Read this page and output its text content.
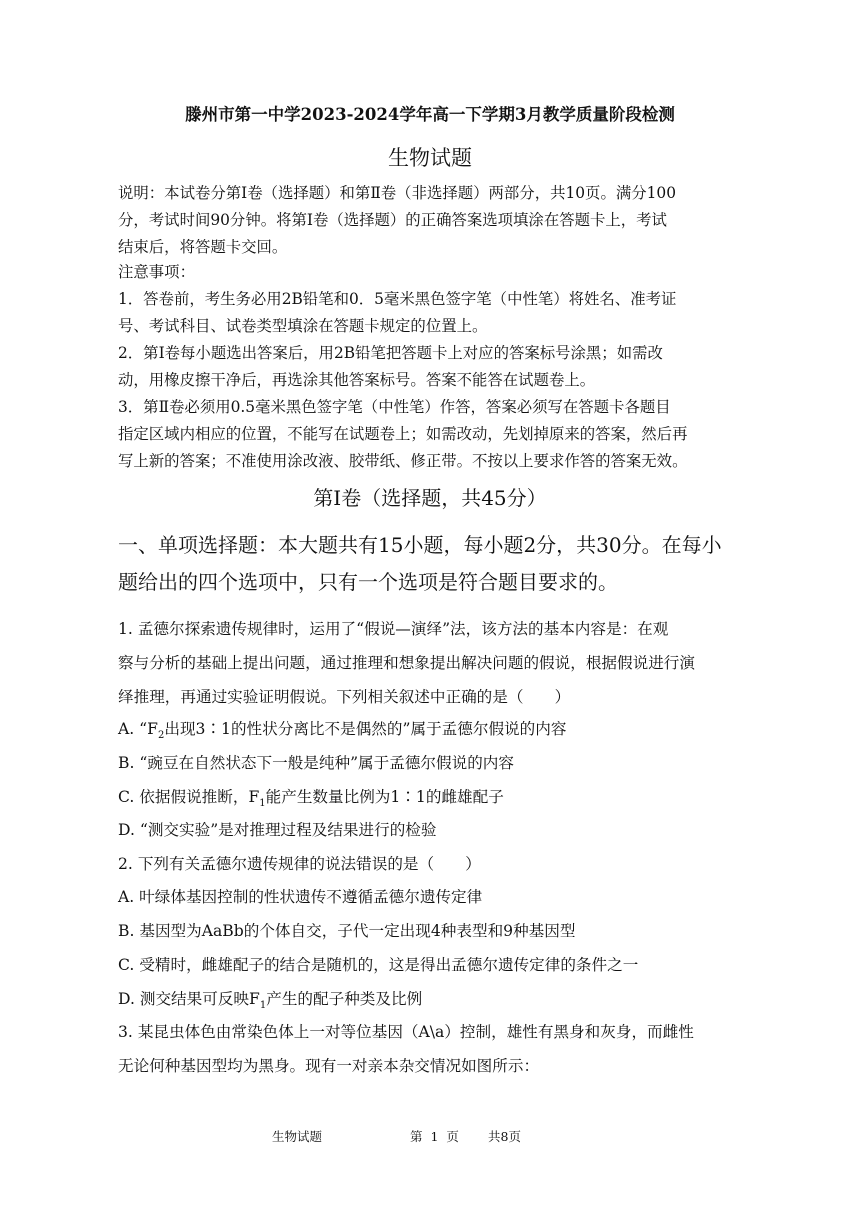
滕州市第一中学2023-2024学年高一下学期3月教学质量阶段检测
生物试题
说明：本试卷分第Ⅰ卷（选择题）和第Ⅱ卷（非选择题）两部分，共10页。满分100
分，考试时间90分钟。将第Ⅰ卷（选择题）的正确答案选项填涂在答题卡上，考试
结束后，将答题卡交回。
注意事项：
1．答卷前，考生务必用2B铅笔和0．5毫米黑色签字笔（中性笔）将姓名、准考证
号、考试科目、试卷类型填涂在答题卡规定的位置上。
2．第Ⅰ卷每小题选出答案后，用2B铅笔把答题卡上对应的答案标号涂黑；如需改
动，用橡皮擦干净后，再选涂其他答案标号。答案不能答在试题卷上。
3．第Ⅱ卷必须用0.5毫米黑色签字笔（中性笔）作答，答案必须写在答题卡各题目
指定区域内相应的位置，不能写在试题卷上；如需改动，先划掉原来的答案，然后再
写上新的答案；不准使用涂改液、胶带纸、修正带。不按以上要求作答的答案无效。
第Ⅰ卷（选择题，共45分）
一、单项选择题：本大题共有15小题，每小题2分，共30分。在每小
题给出的四个选项中，只有一个选项是符合题目要求的。
1. 孟德尔探索遗传规律时，运用了“假说—演绎”法，该方法的基本内容是：在观
察与分析的基础上提出问题，通过推理和想象提出解决问题的假说，根据假说进行演
绎推理，再通过实验证明假说。下列相关叙述中正确的是（　　）
A. “$F_2$出现3∶1的性状分离比不是偶然的”属于孟德尔假说的内容
B. “豌豆在自然状态下一般是纯种”属于孟德尔假说的内容
C. 依据假说推断，$F_1$能产生数量比例为1∶1的雌雄配子
D. “测交实验”是对推理过程及结果进行的检验
2. 下列有关孟德尔遗传规律的说法错误的是（　　）
A. 叶绿体基因控制的性状遗传不遵循孟德尔遗传定律
B. 基因型为AaBb的个体自交，子代一定出现4种表型和9种基因型
C. 受精时，雌雄配子的结合是随机的，这是得出孟德尔遗传定律的条件之一
D. 测交结果可反映$F_1$产生的配子种类及比例
3. 某昆虫体色由常染色体上一对等位基因（A\a）控制，雄性有黑身和灰身，而雌性
无论何种基因型均为黑身。现有一对亲本杂交情况如图所示：
生物试题	第  1  页 共8页
